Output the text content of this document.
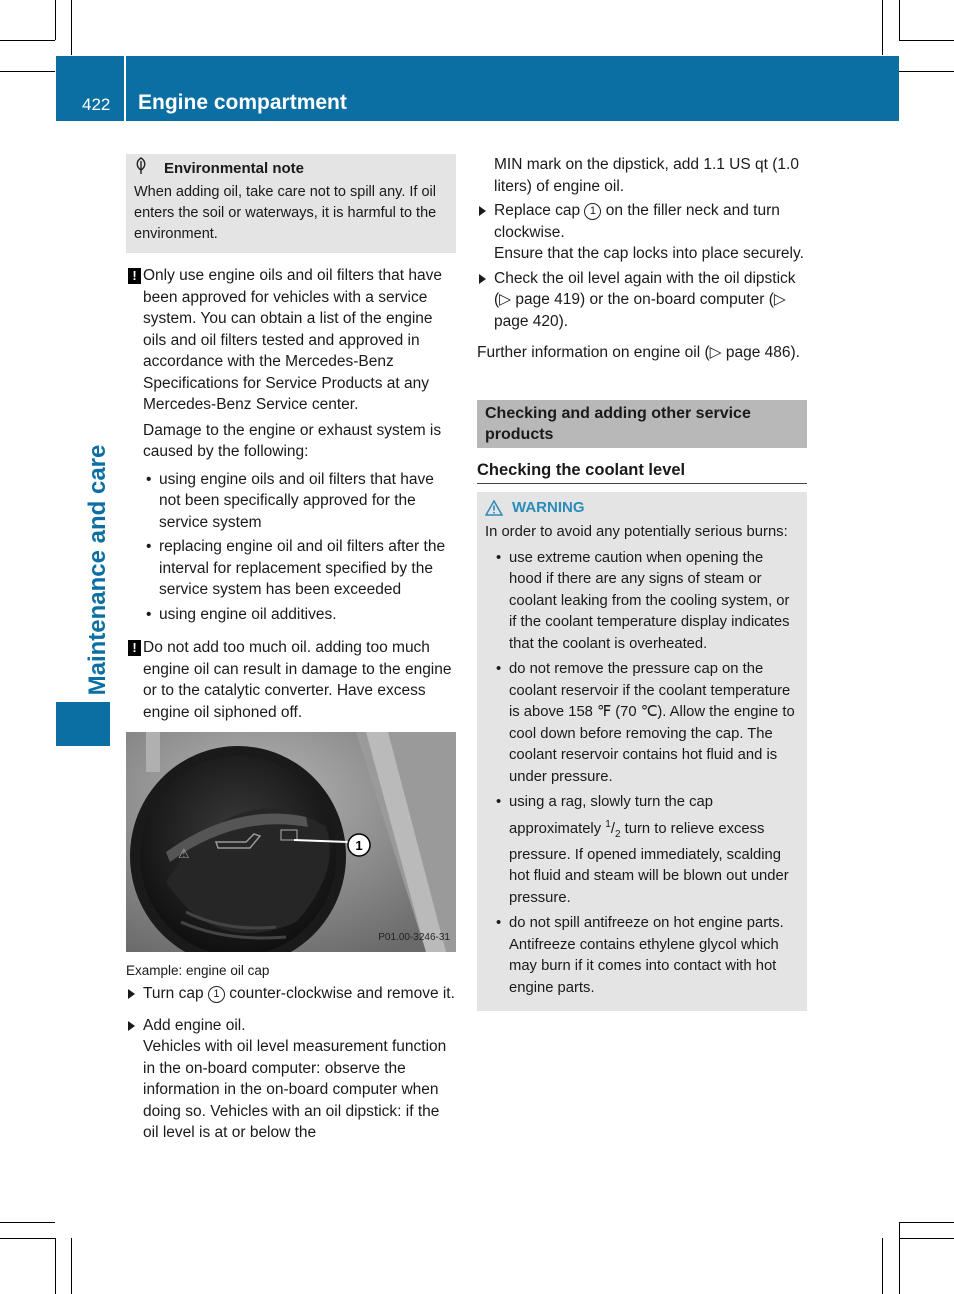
422 Engine compartment
Maintenance and care
Environmental note
When adding oil, take care not to spill any. If oil enters the soil or waterways, it is harmful to the environment.
! Only use engine oils and oil filters that have been approved for vehicles with a service system. You can obtain a list of the engine oils and oil filters tested and approved in accordance with the Mercedes-Benz Specifications for Service Products at any Mercedes-Benz Service center.
Damage to the engine or exhaust system is caused by the following:
• using engine oils and oil filters that have not been specifically approved for the service system
• replacing engine oil and oil filters after the interval for replacement specified by the service system has been exceeded
• using engine oil additives.
! Do not add too much oil. adding too much engine oil can result in damage to the engine or to the catalytic converter. Have excess engine oil siphoned off.
⚠
1
P01.00-3246-31
Example: engine oil cap
Turn cap 1 counter-clockwise and remove it.
Add engine oil.
Vehicles with oil level measurement function in the on-board computer: observe the information in the on-board computer when doing so. Vehicles with an oil dipstick: if the oil level is at or below the
MIN mark on the dipstick, add 1.1 US qt (1.0 liters) of engine oil.
Replace cap 1 on the filler neck and turn clockwise.
Ensure that the cap locks into place securely.
Check the oil level again with the oil dipstick (▷ page 419) or the on-board computer (▷ page 420).
Further information on engine oil (▷ page 486).
Checking and adding other service products
Checking the coolant level
WARNING
In order to avoid any potentially serious burns:
• use extreme caution when opening the hood if there are any signs of steam or coolant leaking from the cooling system, or if the coolant temperature display indicates that the coolant is overheated.
• do not remove the pressure cap on the coolant reservoir if the coolant temperature is above 158 ℉ (70 ℃). Allow the engine to cool down before removing the cap. The coolant reservoir contains hot fluid and is under pressure.
• using a rag, slowly turn the cap approximately $^1/_2$ turn to relieve excess pressure. If opened immediately, scalding hot fluid and steam will be blown out under pressure.
• do not spill antifreeze on hot engine parts. Antifreeze contains ethylene glycol which may burn if it comes into contact with hot engine parts.
